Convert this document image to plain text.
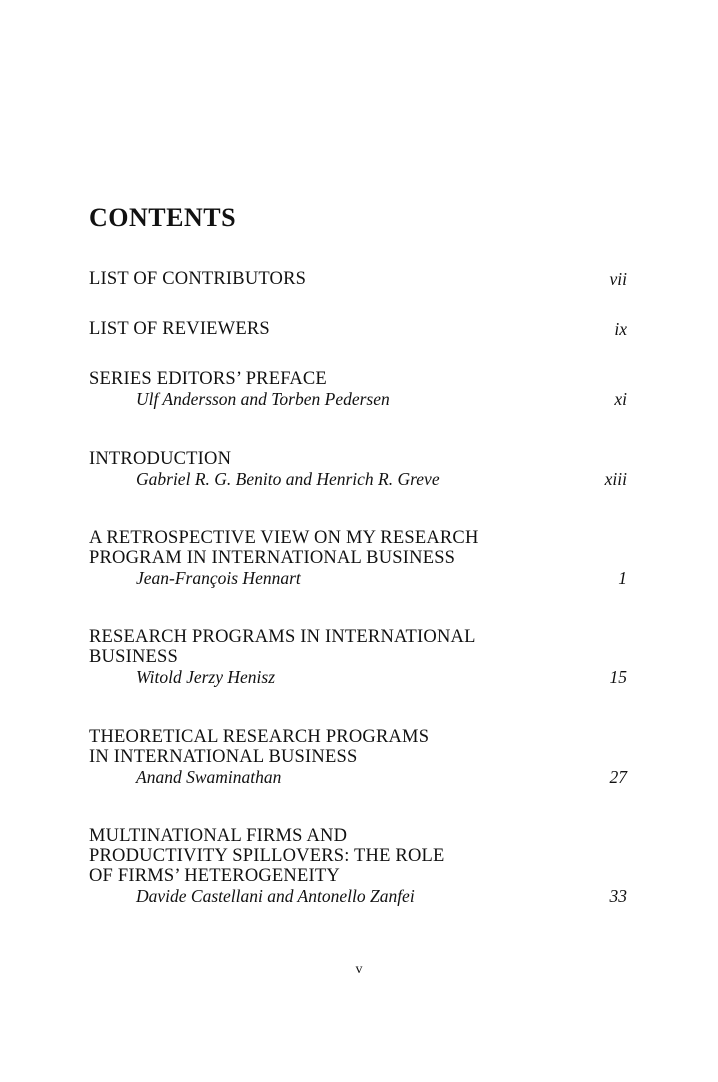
CONTENTS
LIST OF CONTRIBUTORS	vii
LIST OF REVIEWERS	ix
SERIES EDITORS’ PREFACE
Ulf Andersson and Torben Pedersen	xi
INTRODUCTION
Gabriel R. G. Benito and Henrich R. Greve	xiii
A RETROSPECTIVE VIEW ON MY RESEARCH
PROGRAM IN INTERNATIONAL BUSINESS
Jean-François Hennart	1
RESEARCH PROGRAMS IN INTERNATIONAL
BUSINESS
Witold Jerzy Henisz	15
THEORETICAL RESEARCH PROGRAMS
IN INTERNATIONAL BUSINESS
Anand Swaminathan	27
MULTINATIONAL FIRMS AND
PRODUCTIVITY SPILLOVERS: THE ROLE
OF FIRMS’ HETEROGENEITY
Davide Castellani and Antonello Zanfei	33
v
